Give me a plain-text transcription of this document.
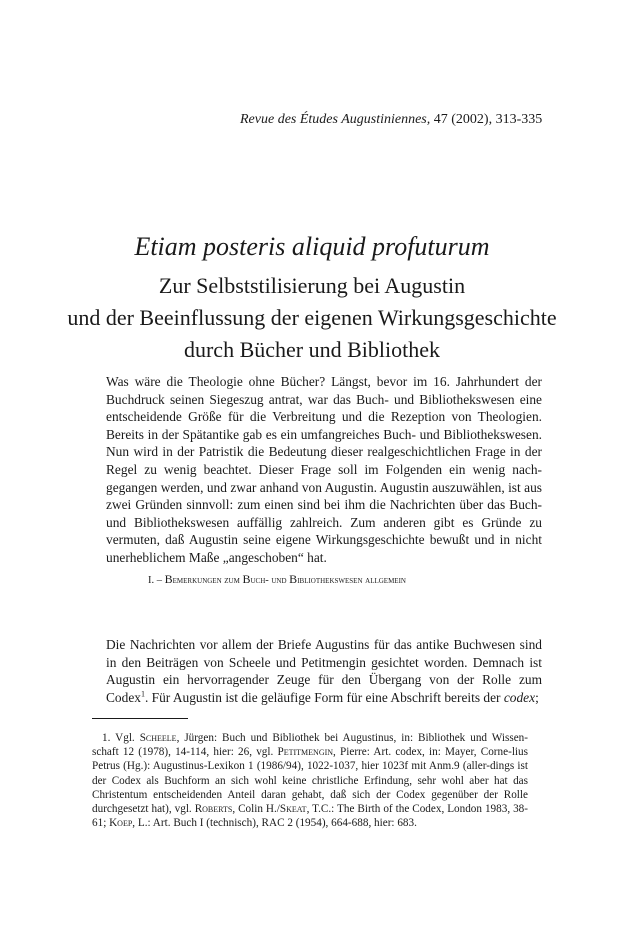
Revue des Études Augustiniennes, 47 (2002), 313-335
Etiam posteris aliquid profuturum
Zur Selbststilisierung bei Augustin
und der Beeinflussung der eigenen Wirkungsgeschichte
durch Bücher und Bibliothek

Was wäre die Theologie ohne Bücher? Längst, bevor im 16. Jahrhundert der Buchdruck seinen Siegeszug antrat, war das Buch- und Bibliothekswesen eine entscheidende Größe für die Verbreitung und die Rezeption von Theologien. Bereits in der Spätantike gab es ein umfangreiches Buch- und Bibliothekswesen. Nun wird in der Patristik die Bedeutung dieser realgeschichtlichen Frage in der Regel zu wenig beachtet. Dieser Frage soll im Folgenden ein wenig nach-gegangen werden, und zwar anhand von Augustin. Augustin auszuwählen, ist aus zwei Gründen sinnvoll: zum einen sind bei ihm die Nachrichten über das Buch- und Bibliothekswesen auffällig zahlreich. Zum anderen gibt es Gründe zu vermuten, daß Augustin seine eigene Wirkungsgeschichte bewußt und in nicht unerheblichem Maße „angeschoben“ hat.

I. – Bemerkungen zum Buch- und Bibliothekswesen allgemein

Die Nachrichten vor allem der Briefe Augustins für das antike Buchwesen sind in den Beiträgen von Scheele und Petitmengin gesichtet worden. Demnach ist Augustin ein hervorragender Zeuge für den Übergang von der Rolle zum Codex$^1$. Für Augustin ist die geläufige Form für eine Abschrift bereits der codex;

1. Vgl. Scheele, Jürgen: Buch und Bibliothek bei Augustinus, in: Bibliothek und Wissen-schaft 12 (1978), 14-114, hier: 26, vgl. Petitmengin, Pierre: Art. codex, in: Mayer, Corne-lius Petrus (Hg.): Augustinus-Lexikon 1 (1986/94), 1022-1037, hier 1023f mit Anm.9 (aller-dings ist der Codex als Buchform an sich wohl keine christliche Erfindung, sehr wohl aber hat das Christentum entscheidenden Anteil daran gehabt, daß sich der Codex gegenüber der Rolle durchgesetzt hat), vgl. Roberts, Colin H./Skeat, T.C.: The Birth of the Codex, London 1983, 38-61; Koep, L.: Art. Buch I (technisch), RAC 2 (1954), 664-688, hier: 683.
